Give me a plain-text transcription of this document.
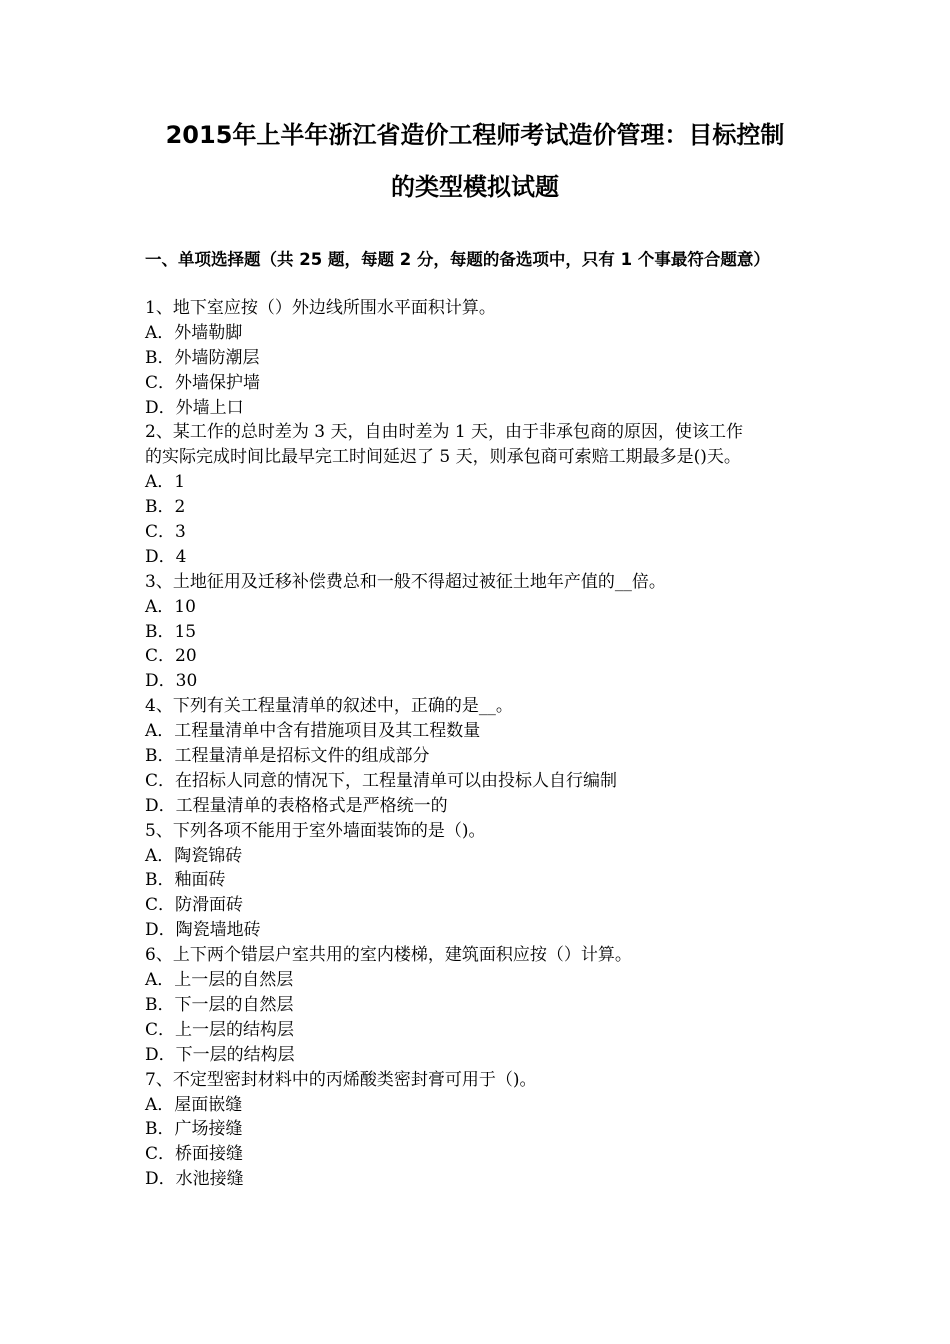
2015年上半年浙江省造价工程师考试造价管理：目标控制
的类型模拟试题
一、单项选择题（共 25 题，每题 2 分，每题的备选项中，只有 1 个事最符合题意）
1、地下室应按（）外边线所围水平面积计算。
A．外墙勒脚
B．外墙防潮层
C．外墙保护墙
D．外墙上口
2、某工作的总时差为 3 天，自由时差为 1 天，由于非承包商的原因，使该工作
的实际完成时间比最早完工时间延迟了 5 天，则承包商可索赔工期最多是()天。
A．1
B．2
C．3
D．4
3、土地征用及迁移补偿费总和一般不得超过被征土地年产值的__倍。
A．10
B．15
C．20
D．30
4、下列有关工程量清单的叙述中，正确的是__。
A．工程量清单中含有措施项目及其工程数量
B．工程量清单是招标文件的组成部分
C．在招标人同意的情况下，工程量清单可以由投标人自行编制
D．工程量清单的表格格式是严格统一的
5、下列各项不能用于室外墙面装饰的是（)。
A．陶瓷锦砖
B．釉面砖
C．防滑面砖
D．陶瓷墙地砖
6、上下两个错层户室共用的室内楼梯，建筑面积应按（）计算。
A．上一层的自然层
B．下一层的自然层
C．上一层的结构层
D．下一层的结构层
7、不定型密封材料中的丙烯酸类密封膏可用于（)。
A．屋面嵌缝
B．广场接缝
C．桥面接缝
D．水池接缝
